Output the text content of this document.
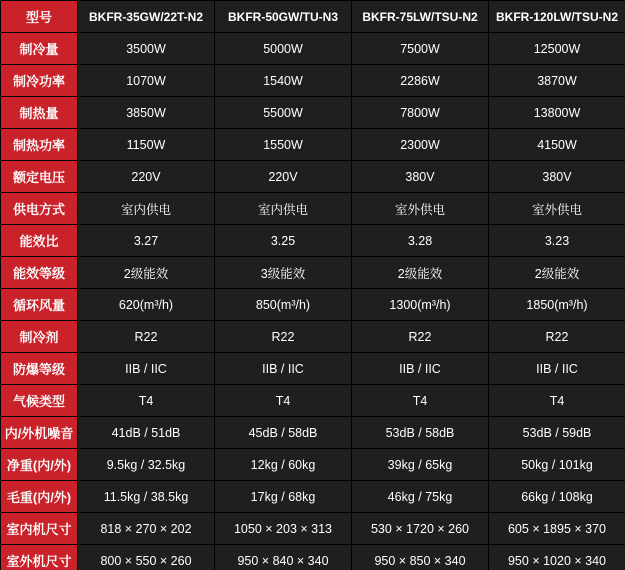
型号	BKFR-35GW/22T-N2	BKFR-50GW/TU-N3	BKFR-75LW/TSU-N2	BKFR-120LW/TSU-N2
制冷量	3500W	5000W	7500W	12500W
制冷功率	1070W	1540W	2286W	3870W
制热量	3850W	5500W	7800W	13800W
制热功率	1150W	1550W	2300W	4150W
额定电压	220V	220V	380V	380V
供电方式	室内供电	室内供电	室外供电	室外供电
能效比	3.27	3.25	3.28	3.23
能效等级	2级能效	3级能效	2级能效	2级能效
循环风量	620(m³/h)	850(m³/h)	1300(m³/h)	1850(m³/h)
制冷剂	R22	R22	R22	R22
防爆等级	IIB / IIC	IIB / IIC	IIB / IIC	IIB / IIC
气候类型	T4	T4	T4	T4
内/外机噪音	41dB / 51dB	45dB / 58dB	53dB / 58dB	53dB / 59dB
净重(内/外)	9.5kg / 32.5kg	12kg / 60kg	39kg / 65kg	50kg / 101kg
毛重(内/外)	11.5kg / 38.5kg	17kg / 68kg	46kg / 75kg	66kg / 108kg
室内机尺寸	818 × 270 × 202	1050 × 203 × 313	530 × 1720 × 260	605 × 1895 × 370
室外机尺寸	800 × 550 × 260	950 × 840 × 340	950 × 850 × 340	950 × 1020 × 340
